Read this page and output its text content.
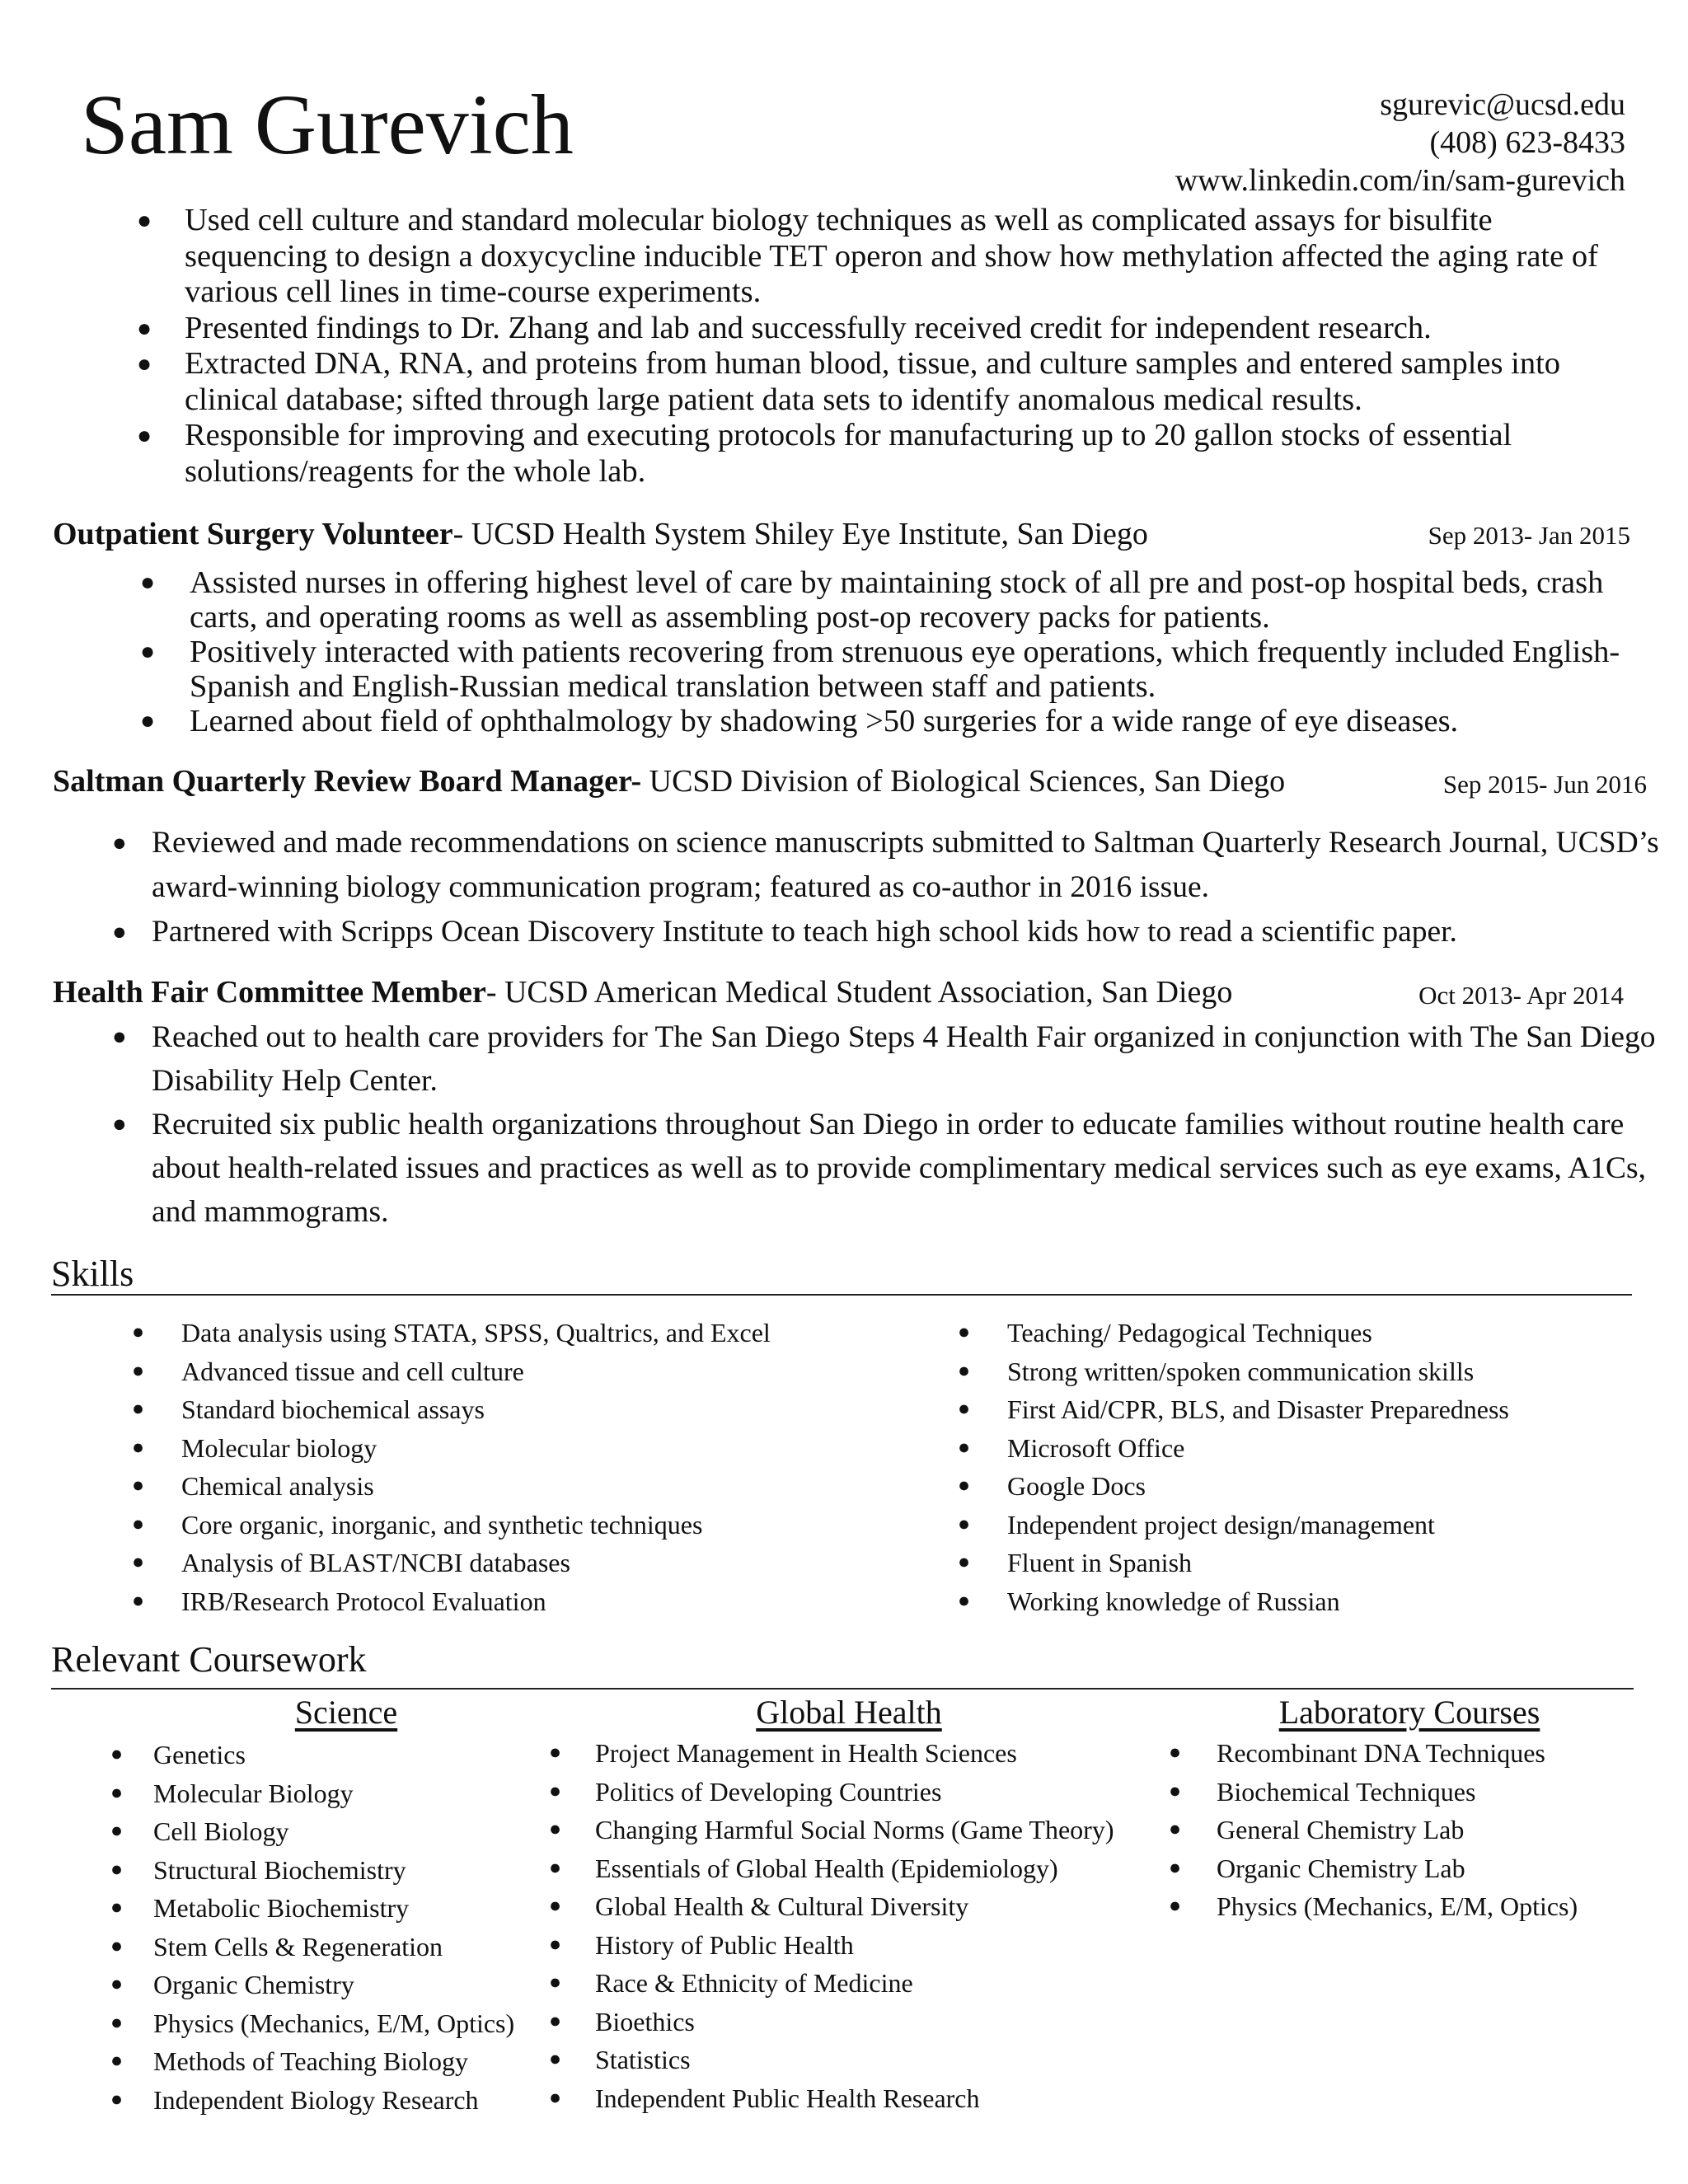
Sam Gurevich	sgurevic@ucsd.edu
(408) 623-8433
www.linkedin.com/in/sam-gurevich
● Used cell culture and standard molecular biology techniques as well as complicated assays for bisulfite sequencing to design a doxycycline inducible TET operon and show how methylation affected the aging rate of various cell lines in time-course experiments.
● Presented findings to Dr. Zhang and lab and successfully received credit for independent research.
● Extracted DNA, RNA, and proteins from human blood, tissue, and culture samples and entered samples into clinical database; sifted through large patient data sets to identify anomalous medical results.
● Responsible for improving and executing protocols for manufacturing up to 20 gallon stocks of essential solutions/reagents for the whole lab.
Outpatient Surgery Volunteer- UCSD Health System Shiley Eye Institute, San Diego	Sep 2013- Jan 2015
● Assisted nurses in offering highest level of care by maintaining stock of all pre and post-op hospital beds, crash carts, and operating rooms as well as assembling post-op recovery packs for patients.
● Positively interacted with patients recovering from strenuous eye operations, which frequently included English-Spanish and English-Russian medical translation between staff and patients.
● Learned about field of ophthalmology by shadowing >50 surgeries for a wide range of eye diseases.
Saltman Quarterly Review Board Manager- UCSD Division of Biological Sciences, San Diego	Sep 2015- Jun 2016
● Reviewed and made recommendations on science manuscripts submitted to Saltman Quarterly Research Journal, UCSD’s award-winning biology communication program; featured as co-author in 2016 issue.
● Partnered with Scripps Ocean Discovery Institute to teach high school kids how to read a scientific paper.
Health Fair Committee Member- UCSD American Medical Student Association, San Diego	Oct 2013- Apr 2014
● Reached out to health care providers for The San Diego Steps 4 Health Fair organized in conjunction with The San Diego Disability Help Center.
● Recruited six public health organizations throughout San Diego in order to educate families without routine health care about health-related issues and practices as well as to provide complimentary medical services such as eye exams, A1Cs, and mammograms.
Skills
● Data analysis using STATA, SPSS, Qualtrics, and Excel
● Advanced tissue and cell culture
● Standard biochemical assays
● Molecular biology
● Chemical analysis
● Core organic, inorganic, and synthetic techniques
● Analysis of BLAST/NCBI databases
● IRB/Research Protocol Evaluation
● Teaching/ Pedagogical Techniques
● Strong written/spoken communication skills
● First Aid/CPR, BLS, and Disaster Preparedness
● Microsoft Office
● Google Docs
● Independent project design/management
● Fluent in Spanish
● Working knowledge of Russian
Relevant Coursework
Science	Global Health	Laboratory Courses
● Genetics
● Molecular Biology
● Cell Biology
● Structural Biochemistry
● Metabolic Biochemistry
● Stem Cells & Regeneration
● Organic Chemistry
● Physics (Mechanics, E/M, Optics)
● Methods of Teaching Biology
● Independent Biology Research
● Project Management in Health Sciences
● Politics of Developing Countries
● Changing Harmful Social Norms (Game Theory)
● Essentials of Global Health (Epidemiology)
● Global Health & Cultural Diversity
● History of Public Health
● Race & Ethnicity of Medicine
● Bioethics
● Statistics
● Independent Public Health Research
● Recombinant DNA Techniques
● Biochemical Techniques
● General Chemistry Lab
● Organic Chemistry Lab
● Physics (Mechanics, E/M, Optics)
